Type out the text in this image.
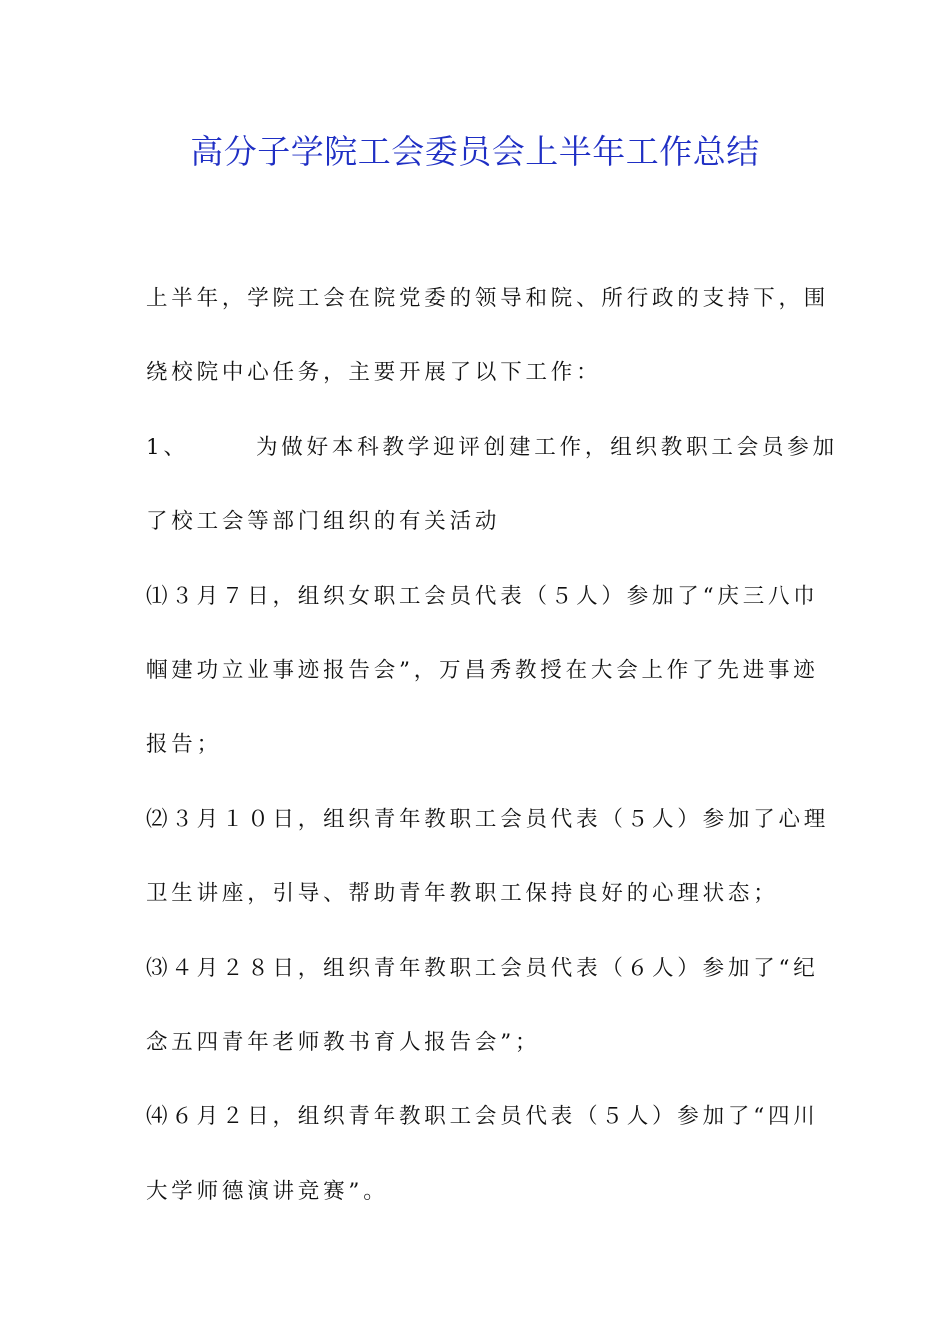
高分子学院工会委员会上半年工作总结
上半年，学院工会在院党委的领导和院、所行政的支持下，围
绕校院中心任务，主要开展了以下工作：
1、	为做好本科教学迎评创建工作，组织教职工会员参加
了校工会等部门组织的有关活动
⑴３月７日，组织女职工会员代表（５人）参加了“庆三八巾
帼建功立业事迹报告会”，万昌秀教授在大会上作了先进事迹
报告；
⑵３月１０日，组织青年教职工会员代表（５人）参加了心理
卫生讲座，引导、帮助青年教职工保持良好的心理状态；
⑶４月２８日，组织青年教职工会员代表（６人）参加了“纪
念五四青年老师教书育人报告会”；
⑷６月２日，组织青年教职工会员代表（５人）参加了“四川
大学师德演讲竞赛”。
